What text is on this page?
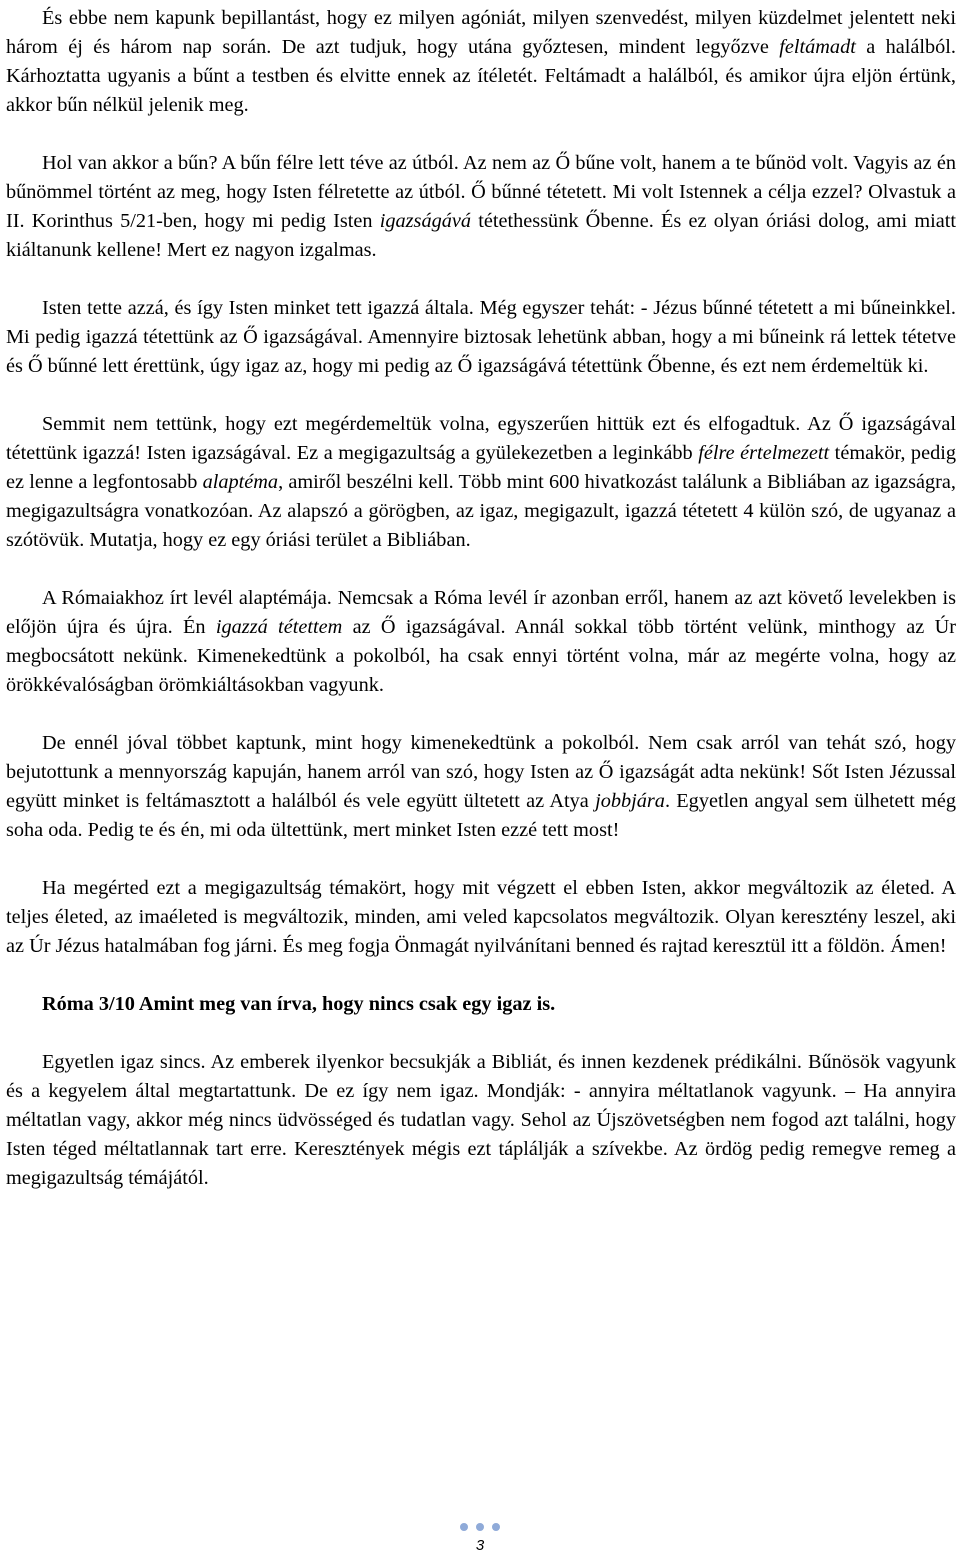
És ebbe nem kapunk bepillantást, hogy ez milyen agóniát, milyen szenvedést, milyen küzdelmet jelentett neki három éj és három nap során. De azt tudjuk, hogy utána győztesen, mindent legyőzve feltámadt a halálból. Kárhoztatta ugyanis a bűnt a testben és elvitte ennek az ítéletét. Feltámadt a halálból, és amikor újra eljön értünk, akkor bűn nélkül jelenik meg.

Hol van akkor a bűn? A bűn félre lett téve az útból. Az nem az Ő bűne volt, hanem a te bűnöd volt. Vagyis az én bűnömmel történt az meg, hogy Isten félretette az útból. Ő bűnné tétetett. Mi volt Istennek a célja ezzel? Olvastuk a II. Korinthus 5/21-ben, hogy mi pedig Isten igazságává tétethessünk Őbenne. És ez olyan óriási dolog, ami miatt kiáltanunk kellene! Mert ez nagyon izgalmas.

Isten tette azzá, és így Isten minket tett igazzá általa. Még egyszer tehát: - Jézus bűnné tétetett a mi bűneinkkel. Mi pedig igazzá tétettünk az Ő igazságával. Amennyire biztosak lehetünk abban, hogy a mi bűneink rá lettek tétetve és Ő bűnné lett érettünk, úgy igaz az, hogy mi pedig az Ő igazságává tétettünk Őbenne, és ezt nem érdemeltük ki.

Semmit nem tettünk, hogy ezt megérdemeltük volna, egyszerűen hittük ezt és elfogadtuk. Az Ő igazságával tétettünk igazzá! Isten igazságával. Ez a megigazultság a gyülekezetben a leginkább félre értelmezett témakör, pedig ez lenne a legfontosabb alaptéma, amiről beszélni kell. Több mint 600 hivatkozást találunk a Bibliában az igazságra, megigazultságra vonatkozóan. Az alapszó a görögben, az igaz, megigazult, igazzá tétetett 4 külön szó, de ugyanaz a szótövük. Mutatja, hogy ez egy óriási terület a Bibliában.

A Rómaiakhoz írt levél alaptémája. Nemcsak a Róma levél ír azonban erről, hanem az azt követő levelekben is előjön újra és újra. Én igazzá tétettem az Ő igazságával. Annál sokkal több történt velünk, minthogy az Úr megbocsátott nekünk. Kimenekedtünk a pokolból, ha csak ennyi történt volna, már az megérte volna, hogy az örökkévalóságban örömkiáltásokban vagyunk.

De ennél jóval többet kaptunk, mint hogy kimenekedtünk a pokolból. Nem csak arról van tehát szó, hogy bejutottunk a mennyország kapuján, hanem arról van szó, hogy Isten az Ő igazságát adta nekünk! Sőt Isten Jézussal együtt minket is feltámasztott a halálból és vele együtt ültetett az Atya jobbjára. Egyetlen angyal sem ülhetett még soha oda. Pedig te és én, mi oda ültettünk, mert minket Isten ezzé tett most!

Ha megérted ezt a megigazultság témakört, hogy mit végzett el ebben Isten, akkor megváltozik az életed. A teljes életed, az imaéleted is megváltozik, minden, ami veled kapcsolatos megváltozik. Olyan keresztény leszel, aki az Úr Jézus hatalmában fog járni. És meg fogja Önmagát nyilvánítani benned és rajtad keresztül itt a földön. Ámen!

Róma 3/10 Amint meg van írva, hogy nincs csak egy igaz is.

Egyetlen igaz sincs. Az emberek ilyenkor becsukják a Bibliát, és innen kezdenek prédikálni. Bűnösök vagyunk és a kegyelem által megtartattunk. De ez így nem igaz. Mondják: - annyira méltatlanok vagyunk. – Ha annyira méltatlan vagy, akkor még nincs üdvösséged és tudatlan vagy. Sehol az Újszövetségben nem fogod azt találni, hogy Isten téged méltatlannak tart erre. Keresztények mégis ezt táplálják a szívekbe. Az ördög pedig remegve remeg a megigazultság témájától.

3
